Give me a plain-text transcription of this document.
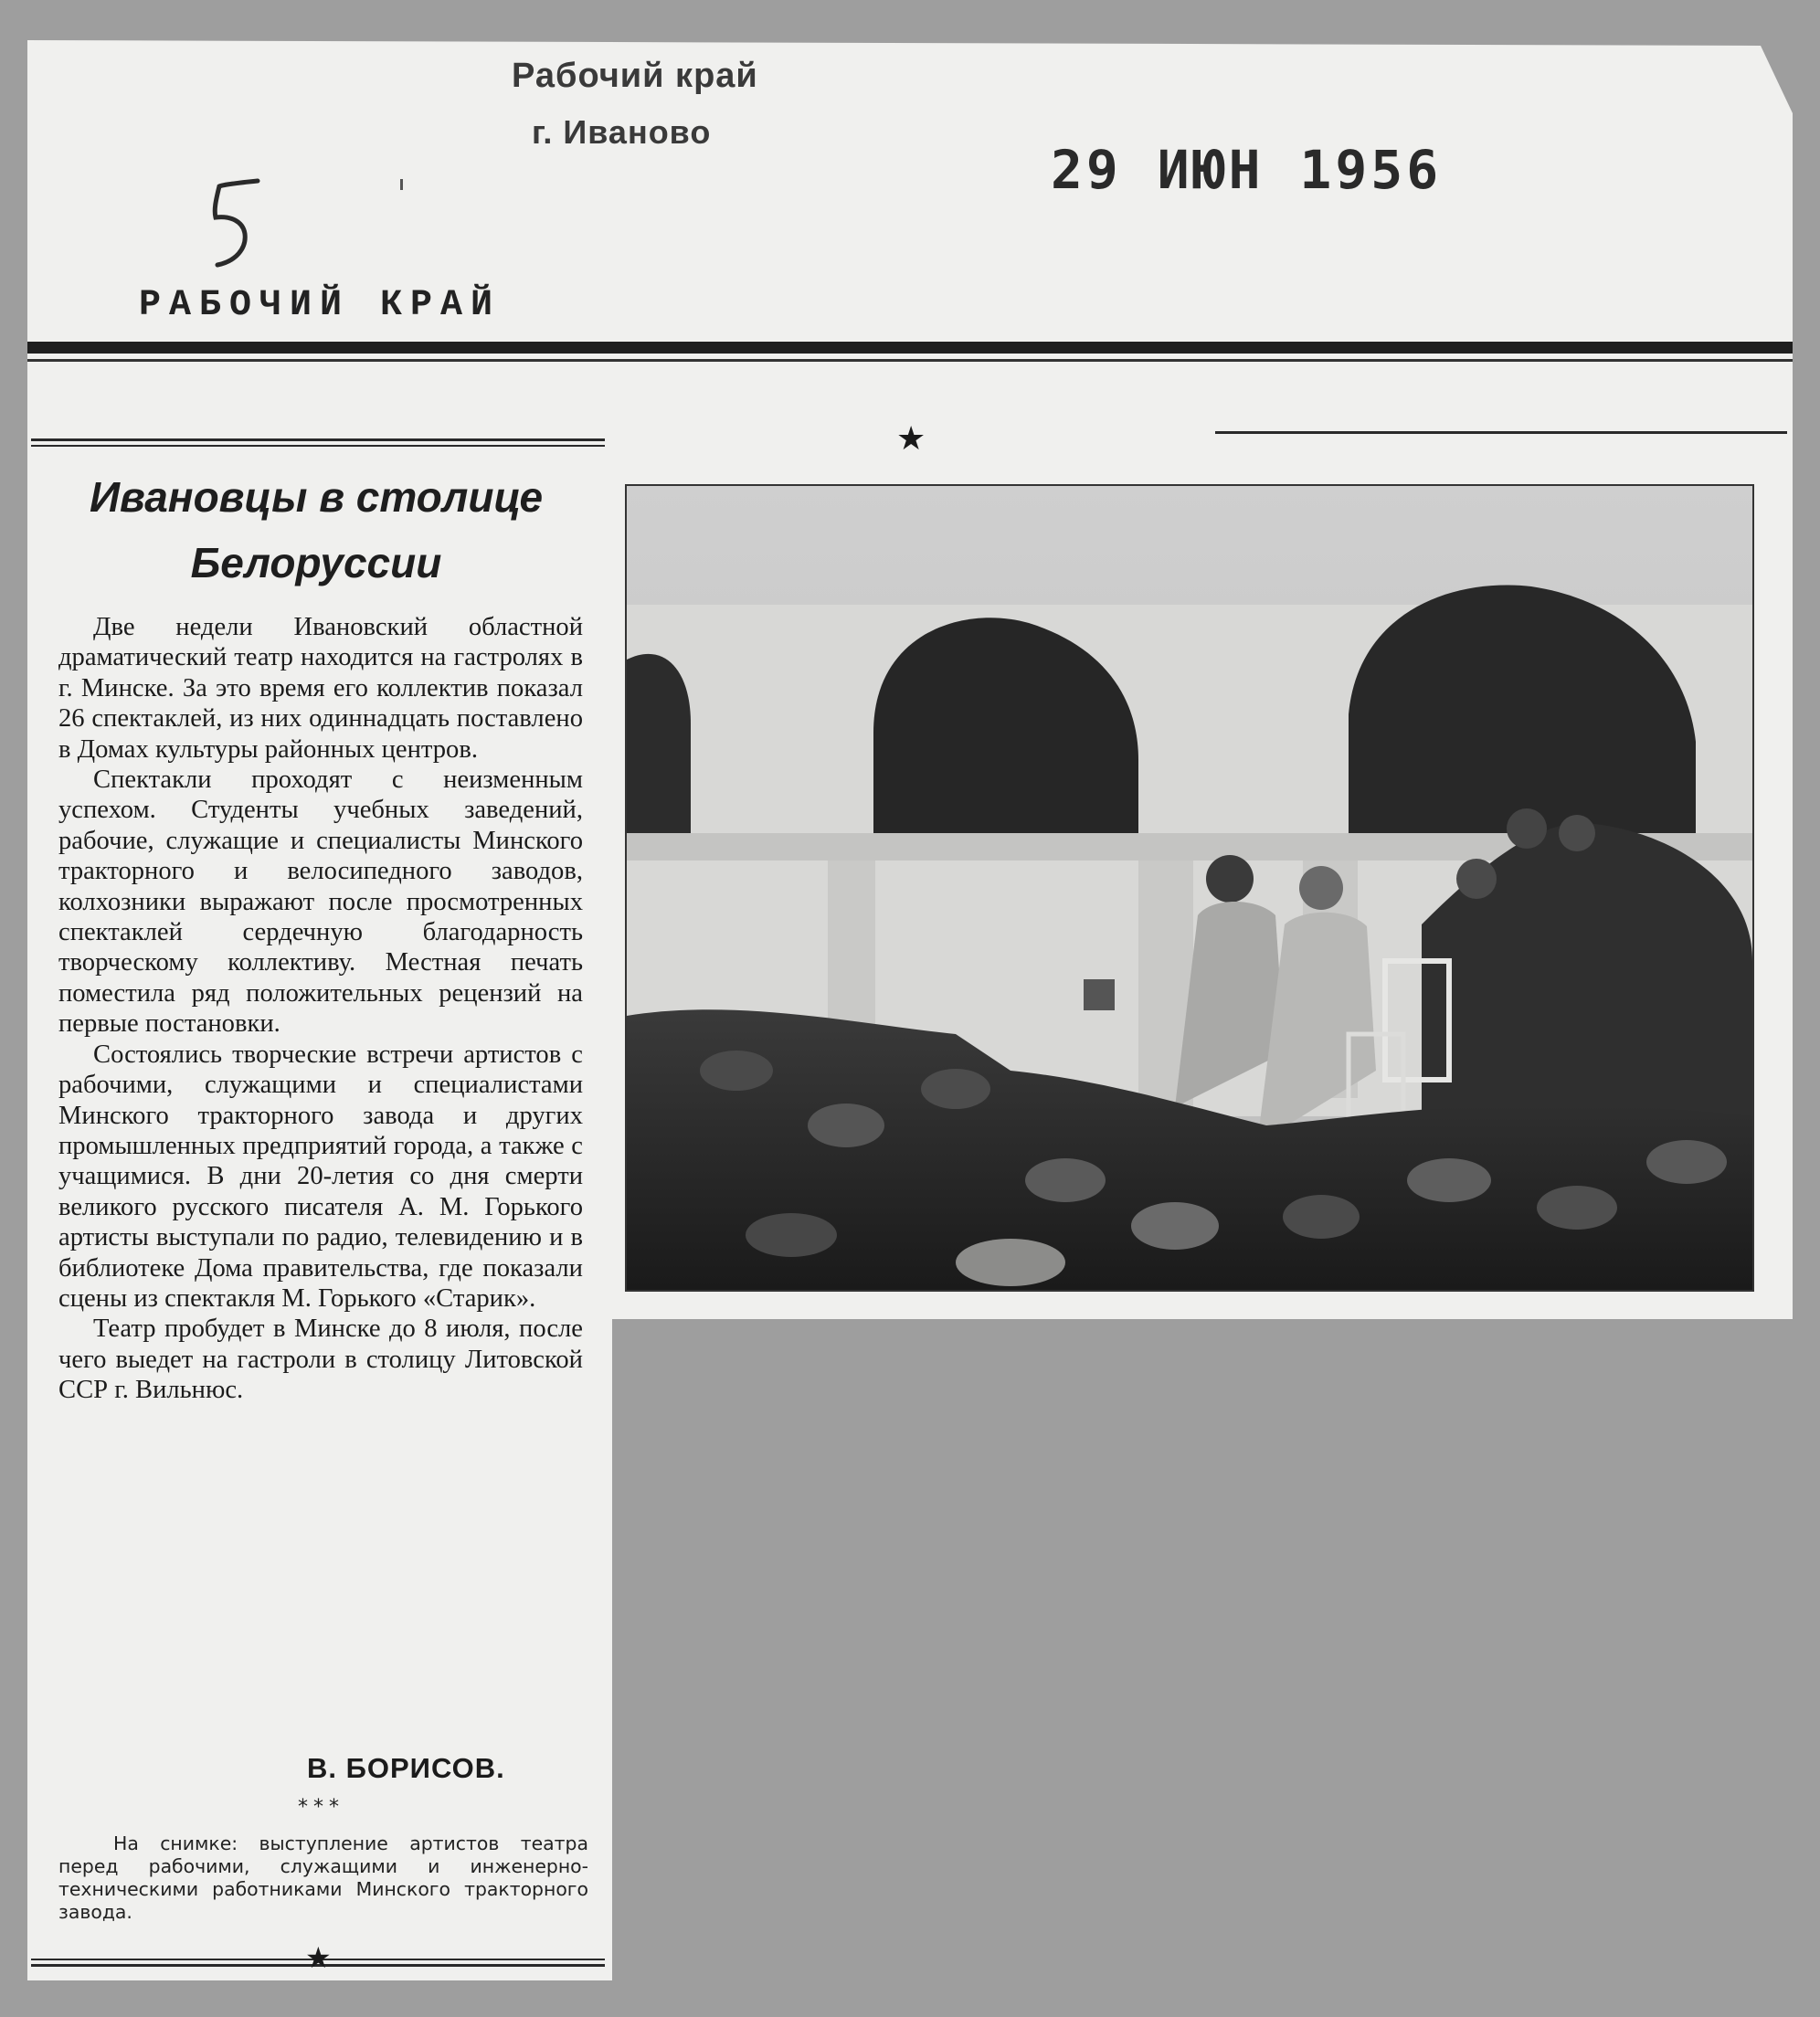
Рабочий край
г. Иваново
29 ИЮН 1956
РАБОЧИЙ КРАЙ
★
Ивановцы в столице
Белоруссии

Две недели Ивановский областной драматический театр находится на гастролях в г. Минске. За это время его коллектив показал 26 спектаклей, из них одиннадцать поставлено в Домах культуры районных центров.

Спектакли проходят с неизменным успехом. Студенты учебных заведений, рабочие, служащие и специалисты Минского тракторного и велосипедного заводов, колхозники выражают после просмотренных спектаклей сердечную благодарность творческому коллективу. Местная печать поместила ряд положительных рецензий на первые постановки.

Состоялись творческие встречи артистов с рабочими, служащими и специалистами Минского тракторного завода и других промышленных предприятий города, а также с учащимися. В дни 20-летия со дня смерти великого русского писателя А. М. Горького артисты выступали по радио, телевидению и в библиотеке Дома правительства, где показали сцены из спектакля М. Горького «Старик».

Театр пробудет в Минске до 8 июля, после чего выедет на гастроли в столицу Литовской ССР г. Вильнюс.

В. БОРИСОВ.
***

На снимке: выступление артистов театра перед рабочими, служащими и инженерно-техническими работниками Минского тракторного завода.

★
